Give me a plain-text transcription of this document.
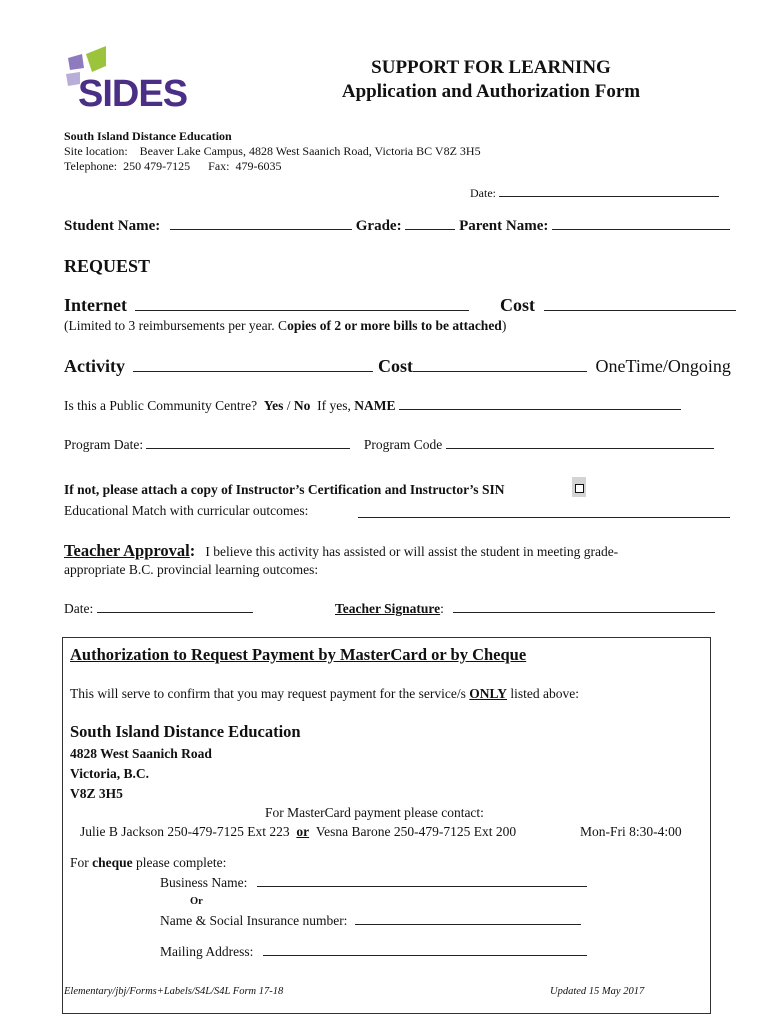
SIDES
SUPPORT FOR LEARNING
Application and Authorization Form
South Island Distance Education
Site location: Beaver Lake Campus, 4828 West Saanich Road, Victoria BC V8Z 3H5
Telephone: 250 479-7125 Fax: 479-6035
Date:
Student Name:	Grade:	Parent Name:
REQUEST
Internet	Cost
(Limited to 3 reimbursements per year. Copies of 2 or more bills to be attached)
Activity	Cost	OneTime/Ongoing
Is this a Public Community Centre? Yes / No If yes, NAME
Program Date:	Program Code
If not, please attach a copy of Instructor’s Certification and Instructor’s SIN
Educational Match with curricular outcomes:
Teacher Approval: I believe this activity has assisted or will assist the student in meeting grade-
appropriate B.C. provincial learning outcomes:
Date:	Teacher Signature:
Authorization to Request Payment by MasterCard or by Cheque
This will serve to confirm that you may request payment for the service/s ONLY listed above:
South Island Distance Education
4828 West Saanich Road
Victoria, B.C.
V8Z 3H5
For MasterCard payment please contact:
Julie B Jackson 250-479-7125 Ext 223 or Vesna Barone 250-479-7125 Ext 200	Mon-Fri 8:30-4:00
For cheque please complete:
Business Name:
Or
Name & Social Insurance number:
Mailing Address:
Elementary/jbj/Forms+Labels/S4L/S4L Form 17-18	Updated 15 May 2017
